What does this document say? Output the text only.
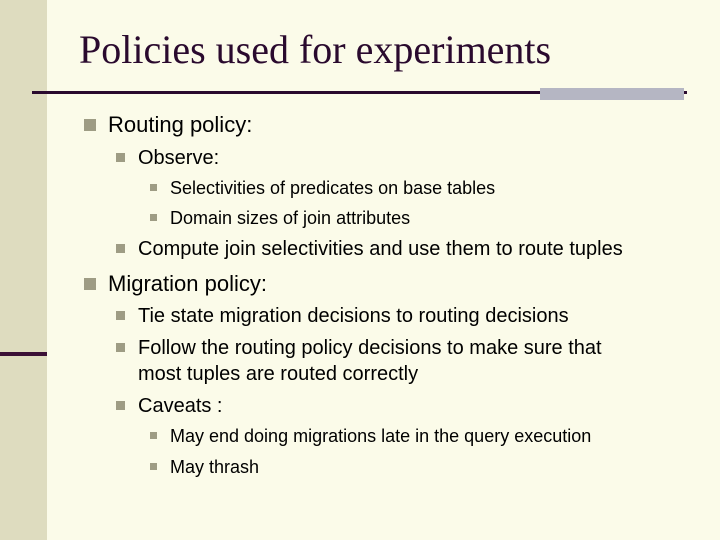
Policies used for experiments
Routing policy:
Observe:
Selectivities of predicates on base tables
Domain sizes of join attributes
Compute join selectivities and use them to route tuples
Migration policy:
Tie state migration decisions to routing decisions
Follow the routing policy decisions to make sure that
most tuples are routed correctly
Caveats :
May end doing migrations late in the query execution
May thrash
